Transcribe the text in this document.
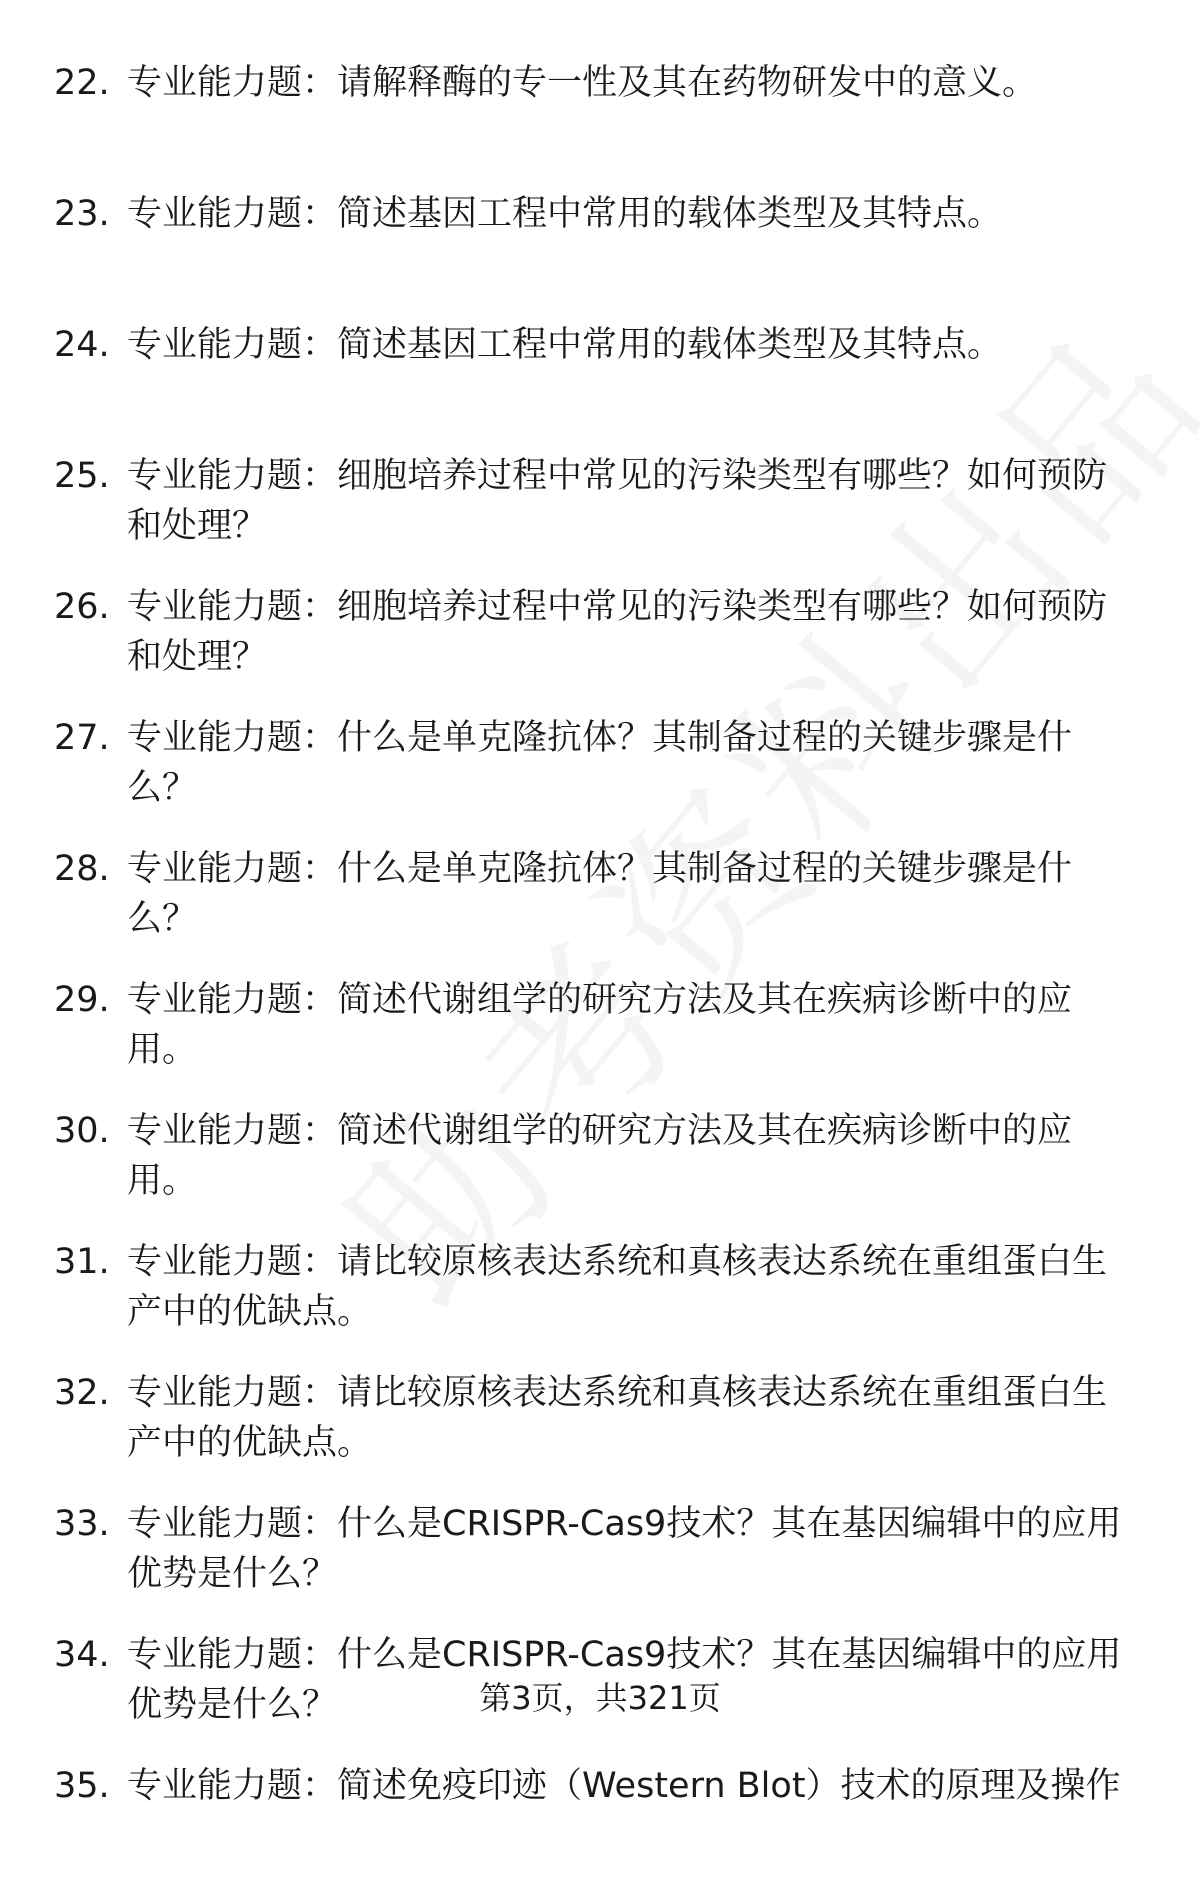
22. 专业能力题：请解释酶的专一性及其在药物研发中的意义。
23. 专业能力题：简述基因工程中常用的载体类型及其特点。
24. 专业能力题：简述基因工程中常用的载体类型及其特点。
25. 专业能力题：细胞培养过程中常见的污染类型有哪些？如何预防和处理？
26. 专业能力题：细胞培养过程中常见的污染类型有哪些？如何预防和处理？
27. 专业能力题：什么是单克隆抗体？其制备过程的关键步骤是什么？
28. 专业能力题：什么是单克隆抗体？其制备过程的关键步骤是什么？
29. 专业能力题：简述代谢组学的研究方法及其在疾病诊断中的应用。
30. 专业能力题：简述代谢组学的研究方法及其在疾病诊断中的应用。
31. 专业能力题：请比较原核表达系统和真核表达系统在重组蛋白生产中的优缺点。
32. 专业能力题：请比较原核表达系统和真核表达系统在重组蛋白生产中的优缺点。
33. 专业能力题：什么是CRISPR-Cas9技术？其在基因编辑中的应用优势是什么？
34. 专业能力题：什么是CRISPR-Cas9技术？其在基因编辑中的应用优势是什么？
35. 专业能力题：简述免疫印迹（Western Blot）技术的原理及操作
第3页，共321页
